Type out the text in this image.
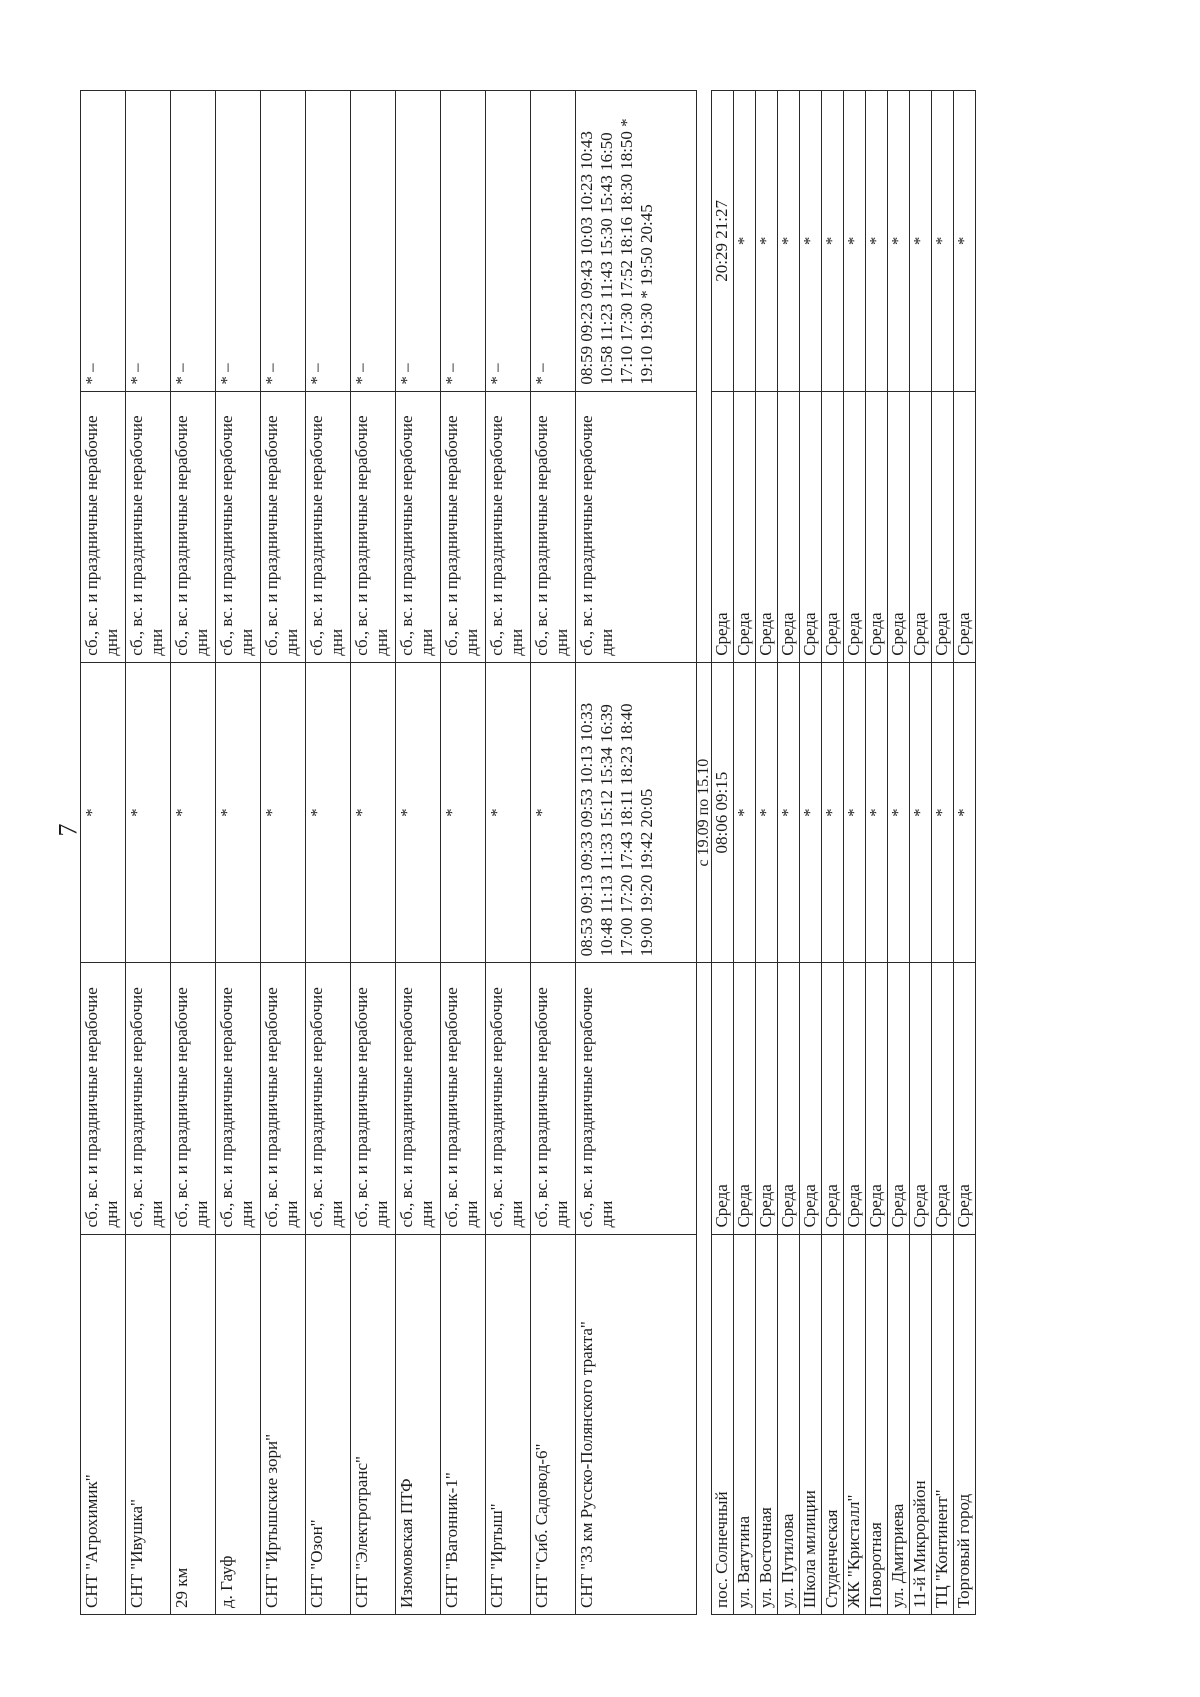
7
СНТ "Агрохимик"	сб., вс. и праздничные нерабочие дни	*	сб., вс. и праздничные нерабочие дни	* –
СНТ "Ивушка"	сб., вс. и праздничные нерабочие дни	*	сб., вс. и праздничные нерабочие дни	* –
29 км	сб., вс. и праздничные нерабочие дни	*	сб., вс. и праздничные нерабочие дни	* –
д. Гауф	сб., вс. и праздничные нерабочие дни	*	сб., вс. и праздничные нерабочие дни	* –
СНТ "Иртышские зори"	сб., вс. и праздничные нерабочие дни	*	сб., вс. и праздничные нерабочие дни	* –
СНТ "Озон"	сб., вс. и праздничные нерабочие дни	*	сб., вс. и праздничные нерабочие дни	* –
СНТ "Электротранс"	сб., вс. и праздничные нерабочие дни	*	сб., вс. и праздничные нерабочие дни	* –
Изюмовская ПТФ	сб., вс. и праздничные нерабочие дни	*	сб., вс. и праздничные нерабочие дни	* –
СНТ "Вагонник-1"	сб., вс. и праздничные нерабочие дни	*	сб., вс. и праздничные нерабочие дни	* –
СНТ "Иртыш"	сб., вс. и праздничные нерабочие дни	*	сб., вс. и праздничные нерабочие дни	* –
СНТ "Сиб. Садовод-6"	сб., вс. и праздничные нерабочие дни	*	сб., вс. и праздничные нерабочие дни	* –
СНТ "33 км Русско-Полянского тракта"	сб., вс. и праздничные нерабочие дни	08:53 09:13 09:33 09:53 10:13 10:33 10:48 11:13 11:33 15:12 15:34 16:39 17:00 17:20 17:43 18:11 18:23 18:40 19:00 19:20 19:42 20:05	сб., вс. и праздничные нерабочие дни	08:59 09:23 09:43 10:03 10:23 10:43 10:58 11:23 11:43 15:30 15:43 16:50 17:10 17:30 17:52 18:16 18:30 18:50 * 19:10 19:30 * 19:50 20:45
		с 19.09 по 15.10		
пос. Солнечный	Среда	08:06 09:15	Среда	20:29 21:27
ул. Ватутина	Среда	*	Среда	*
ул. Восточная	Среда	*	Среда	*
ул. Путилова	Среда	*	Среда	*
Школа милиции	Среда	*	Среда	*
Студенческая	Среда	*	Среда	*
ЖК "Кристалл"	Среда	*	Среда	*
Поворотная	Среда	*	Среда	*
ул. Дмитриева	Среда	*	Среда	*
11-й Микрорайон	Среда	*	Среда	*
ТЦ "Континент"	Среда	*	Среда	*
Торговый город	Среда	*	Среда	*
